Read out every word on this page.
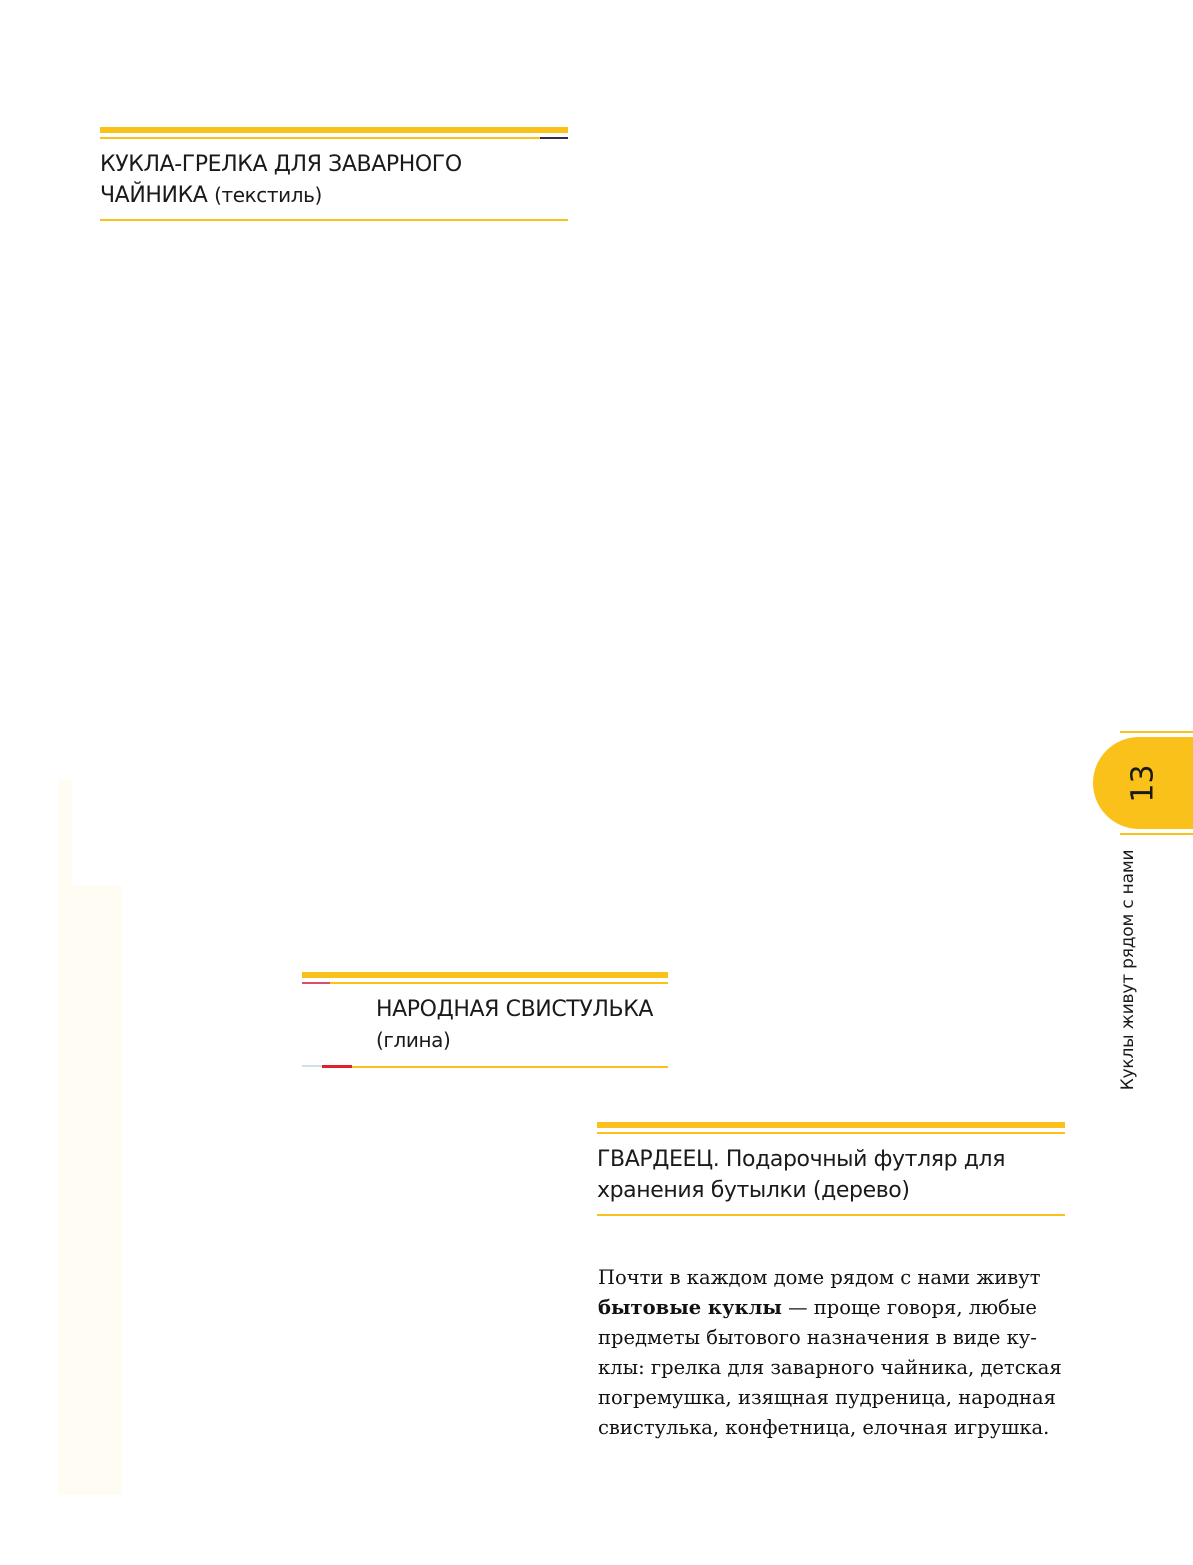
КУКЛА-ГРЕЛКА ДЛЯ ЗАВАРНОГО
ЧАЙНИКА (текстиль)
НАРОДНАЯ СВИСТУЛЬКА
(глина)
ГВАРДЕЕЦ. Подарочный футляр для
хранения бутылки (дерево)

Почти в каждом доме рядом с нами живут

бытовые куклы — проще говоря, любые

предметы бытового назначения в виде ку-

клы: грелка для заварного чайника, детская

погремушка, изящная пудреница, народная

свистулька, конфетница, елочная игрушка.

13
Куклы живут рядом с нами
